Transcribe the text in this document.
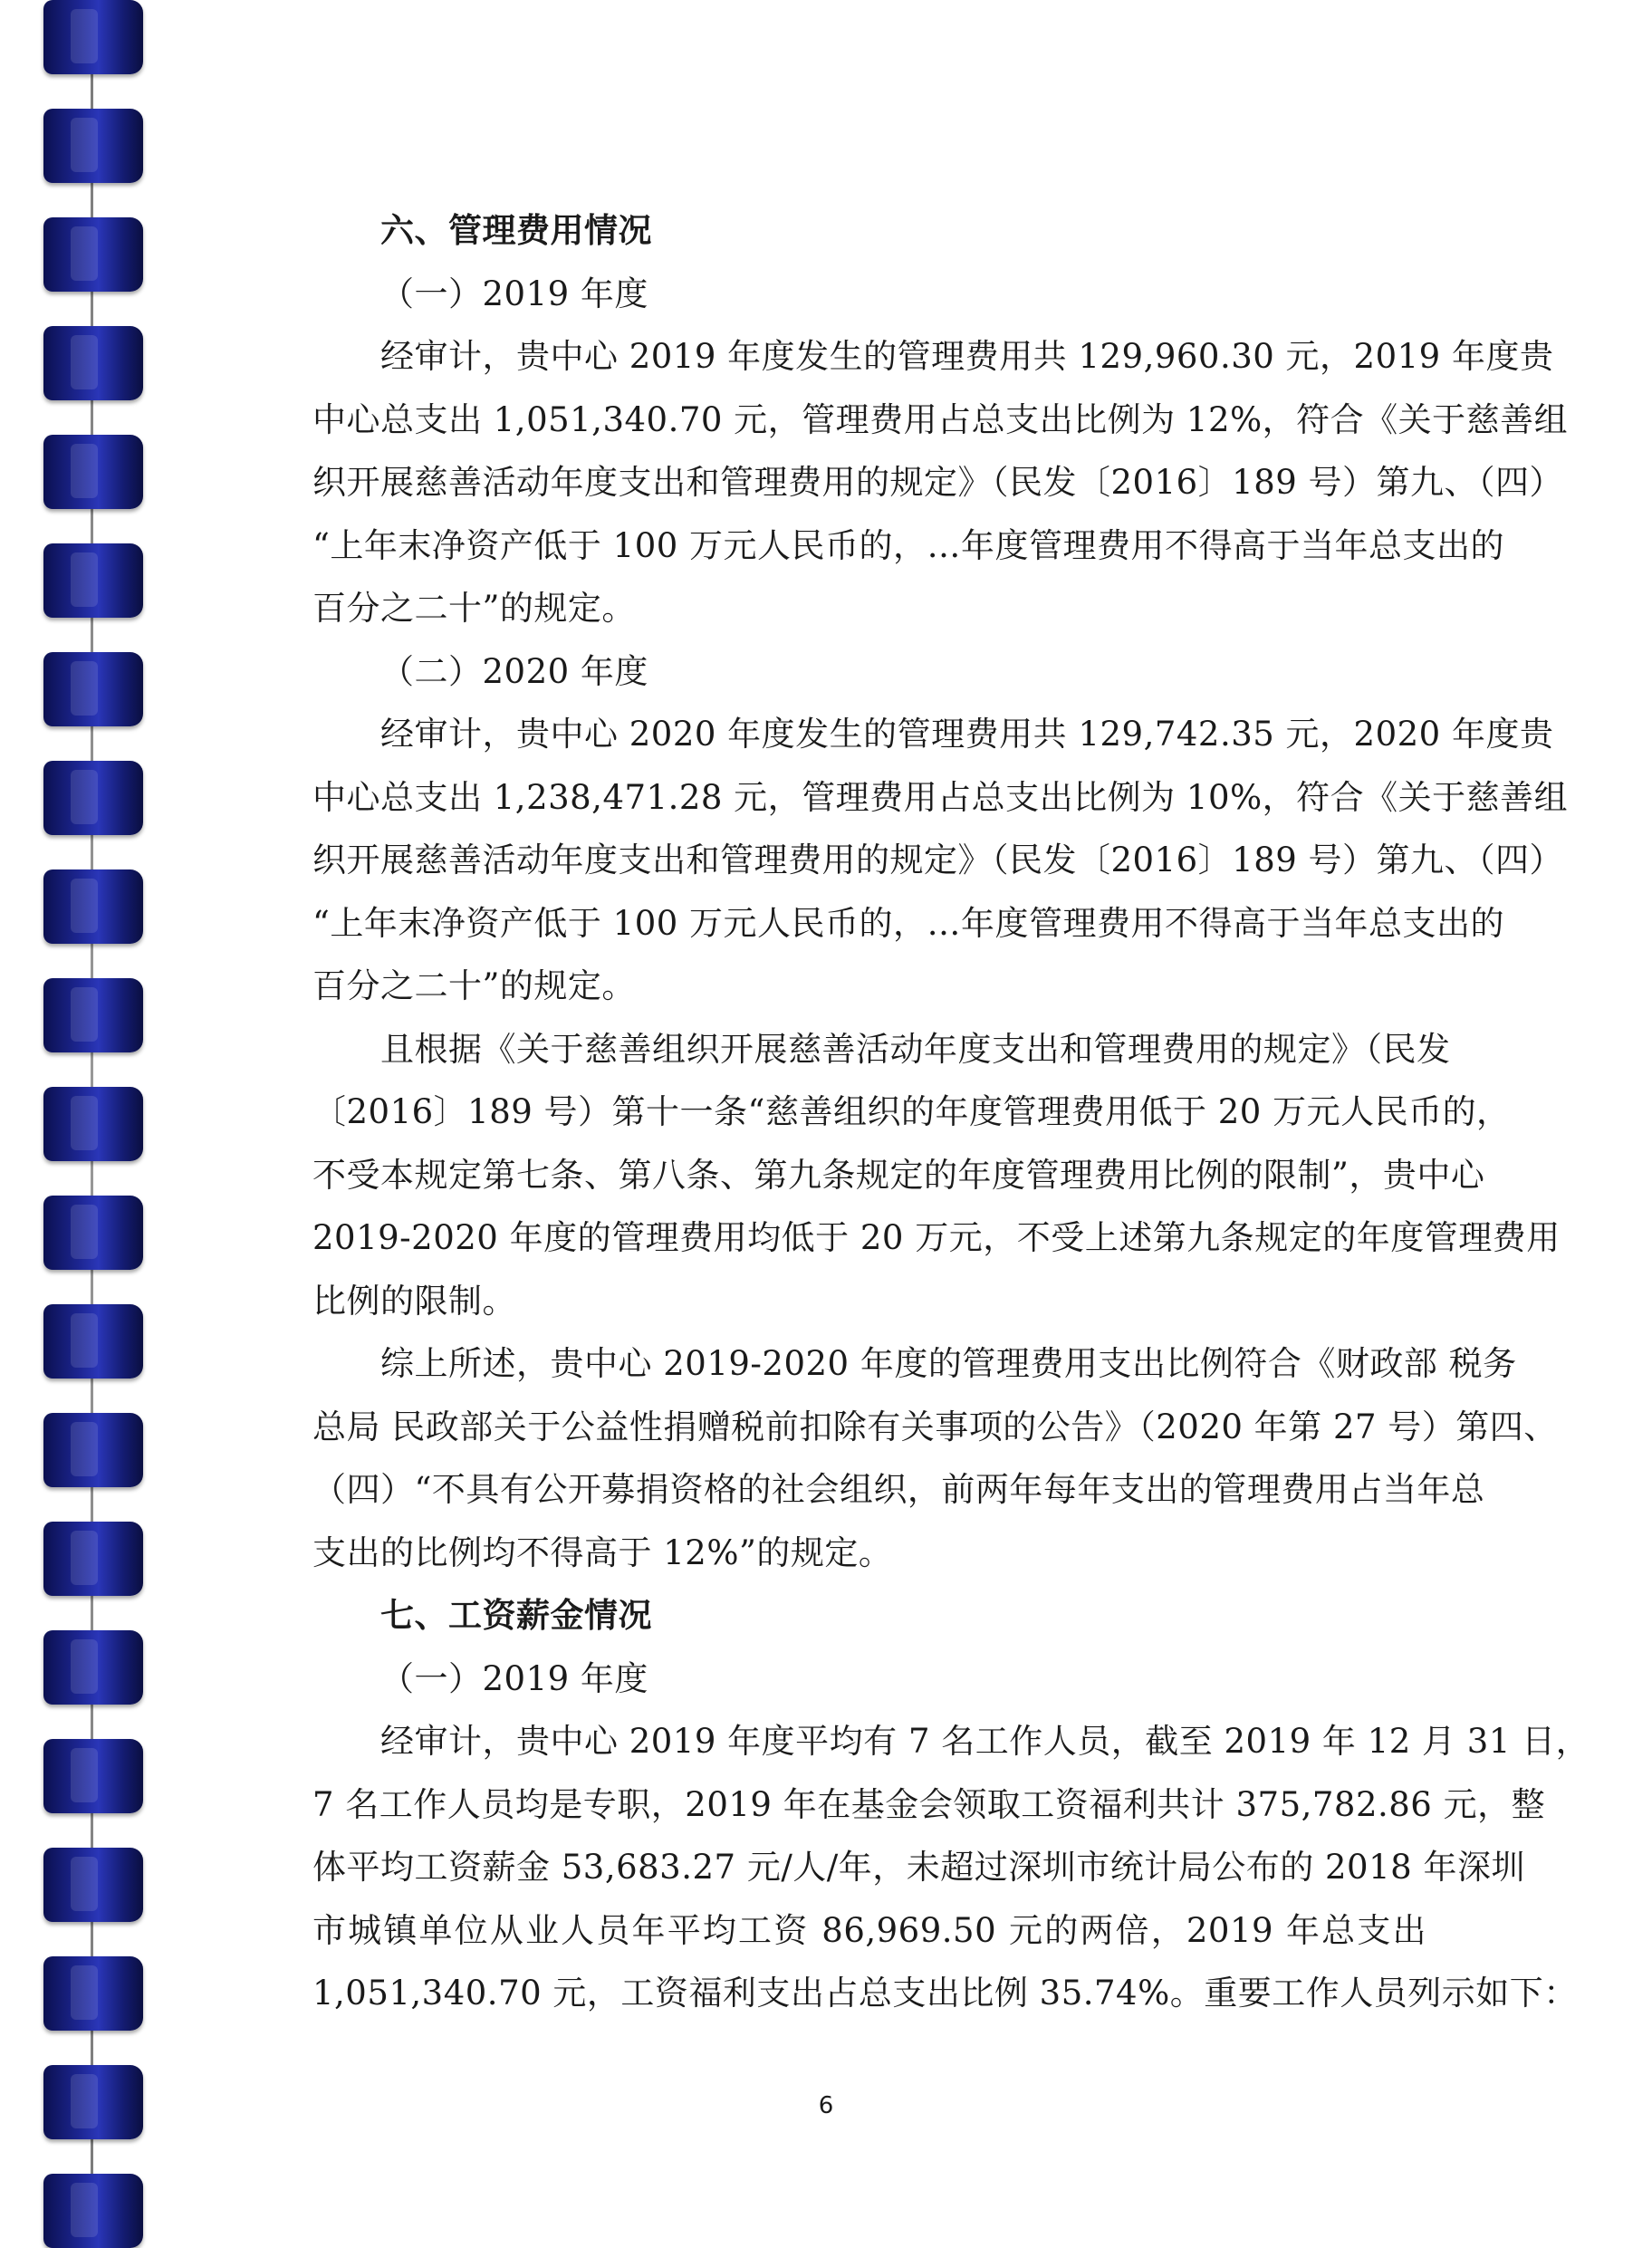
六、管理费用情况
（一）2019 年度
经审计，贵中心 2019 年度发生的管理费用共 129,960.30 元，2019 年度贵
中心总支出 1,051,340.70 元，管理费用占总支出比例为 12%，符合《关于慈善组
织开展慈善活动年度支出和管理费用的规定》（民发〔2016〕189 号）第九、（四）
“上年末净资产低于 100 万元人民币的，…年度管理费用不得高于当年总支出的
百分之二十”的规定。
（二）2020 年度
经审计，贵中心 2020 年度发生的管理费用共 129,742.35 元，2020 年度贵
中心总支出 1,238,471.28 元，管理费用占总支出比例为 10%，符合《关于慈善组
织开展慈善活动年度支出和管理费用的规定》（民发〔2016〕189 号）第九、（四）
“上年末净资产低于 100 万元人民币的，…年度管理费用不得高于当年总支出的
百分之二十”的规定。
且根据《关于慈善组织开展慈善活动年度支出和管理费用的规定》（民发
〔2016〕189 号）第十一条“慈善组织的年度管理费用低于 20 万元人民币的，
不受本规定第七条、第八条、第九条规定的年度管理费用比例的限制”，贵中心
2019-2020 年度的管理费用均低于 20 万元，不受上述第九条规定的年度管理费用
比例的限制。
综上所述，贵中心 2019-2020 年度的管理费用支出比例符合《财政部 税务
总局 民政部关于公益性捐赠税前扣除有关事项的公告》（2020 年第 27 号）第四、
（四）“不具有公开募捐资格的社会组织，前两年每年支出的管理费用占当年总
支出的比例均不得高于 12%”的规定。
七、工资薪金情况
（一）2019 年度
经审计，贵中心 2019 年度平均有 7 名工作人员，截至 2019 年 12 月 31 日，
7 名工作人员均是专职，2019 年在基金会领取工资福利共计 375,782.86 元，整
体平均工资薪金 53,683.27 元/人/年，未超过深圳市统计局公布的 2018 年深圳
市城镇单位从业人员年平均工资 86,969.50 元的两倍，2019 年总支出
1,051,340.70 元，工资福利支出占总支出比例 35.74%。重要工作人员列示如下：
6
